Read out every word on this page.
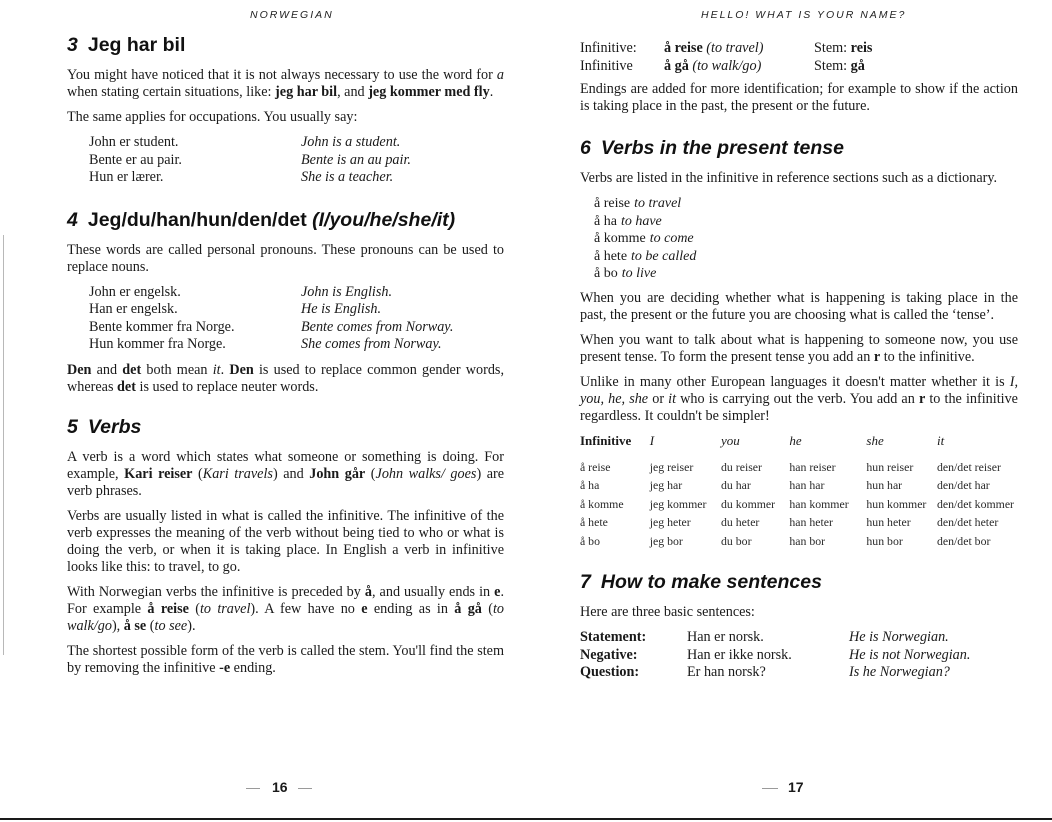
NORWEGIAN
3 Jeg har bil

You might have noticed that it is not always necessary to use the word for a when stating certain situations, like: jeg har bil, and jeg kommer med fly.

The same applies for occupations. You usually say:

John er student.	John is a student.
Bente er au pair.	Bente is an au pair.
Hun er lærer.	She is a teacher.
4 Jeg/du/han/hun/den/det (I/you/he/she/it)

These words are called personal pronouns. These pronouns can be used to replace nouns.

John er engelsk.	John is English.
Han er engelsk.	He is English.
Bente kommer fra Norge.	Bente comes from Norway.
Hun kommer fra Norge.	She comes from Norway.

Den and det both mean it. Den is used to replace common gender words, whereas det is used to replace neuter words.

5 Verbs

A verb is a word which states what someone or something is doing. For example, Kari reiser (Kari travels) and John går (John walks/ goes) are verb phrases.

Verbs are usually listed in what is called the infinitive. The infinitive of the verb expresses the meaning of the verb without being tied to who or what is doing the verb, or when it is taking place. In English a verb in infinitive looks like this: to travel, to go.

With Norwegian verbs the infinitive is preceded by å, and usually ends in e. For example å reise (to travel). A few have no e ending as in å gå (to walk/go), å se (to see).

The shortest possible form of the verb is called the stem. You'll find the stem by removing the infinitive -e ending.

16
HELLO! WHAT IS YOUR NAME?
Infinitive:	å reise (to travel)	Stem: reis
Infinitive	å gå (to walk/go)	Stem: gå

Endings are added for more identification; for example to show if the action is taking place in the past, the present or the future.

6 Verbs in the present tense

Verbs are listed in the infinitive in reference sections such as a dictionary.

å reise to travel
å ha to have
å komme to come
å hete to be called
å bo to live

When you are deciding whether what is happening is taking place in the past, the present or the future you are choosing what is called the ‘tense’.

When you want to talk about what is happening to someone now, you use present tense. To form the present tense you add an r to the infinitive.

Unlike in many other European languages it doesn't matter whether it is I, you, he, she or it who is carrying out the verb. You add an r to the infinitive regardless. It couldn't be simpler!

Infinitive	I	you	he	she	it
å reise	jeg reiser	du reiser	han reiser	hun reiser	den/det reiser
å ha	jeg har	du har	han har	hun har	den/det har
å komme	jeg kommer	du kommer	han kommer	hun kommer	den/det kommer
å hete	jeg heter	du heter	han heter	hun heter	den/det heter
å bo	jeg bor	du bor	han bor	hun bor	den/det bor
7 How to make sentences

Here are three basic sentences:

Statement:	Han er norsk.	He is Norwegian.
Negative:	Han er ikke norsk.	He is not Norwegian.
Question:	Er han norsk?	Is he Norwegian?
17
